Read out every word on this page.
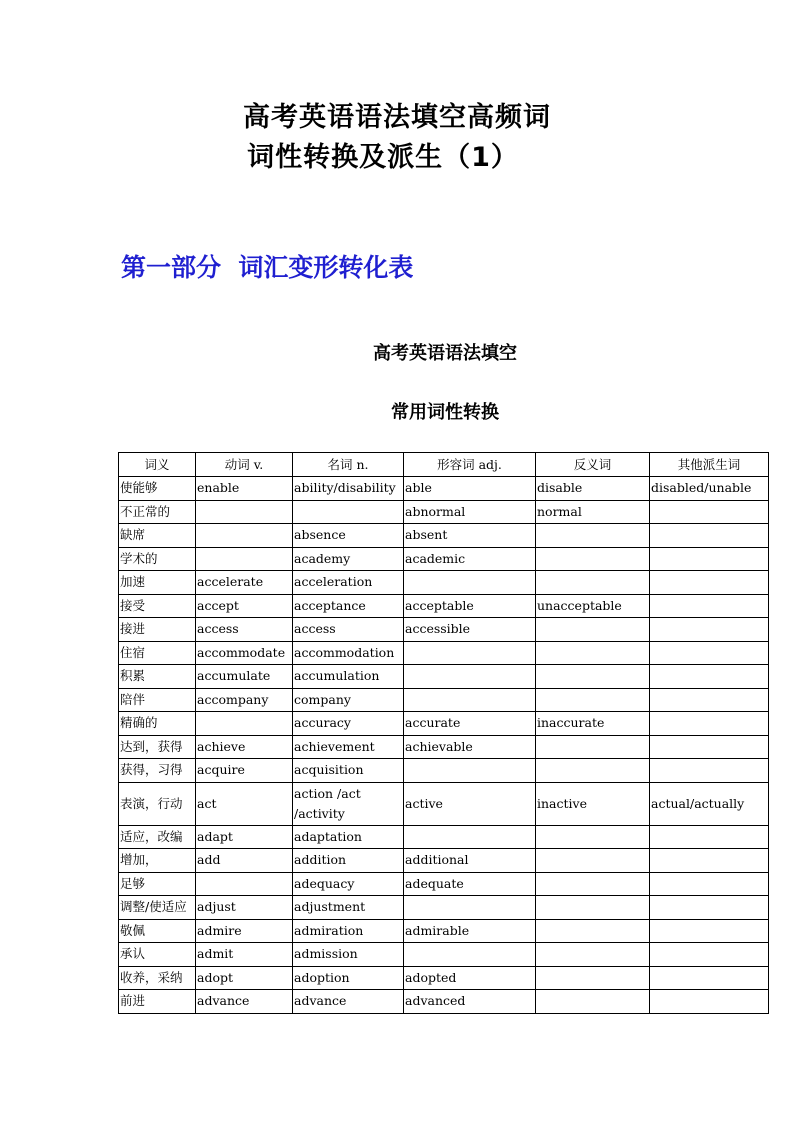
高考英语语法填空高频词
词性转换及派生（1）
第一部分  词汇变形转化表
高考英语语法填空
常用词性转换
词义	动词 v.	名词 n.	形容词 adj.	反义词	其他派生词
使能够	enable	ability/disability	able	disable	disabled/unable
不正常的			abnormal	normal	
缺席		absence	absent		
学术的		academy	academic		
加速	accelerate	acceleration			
接受	accept	acceptance	acceptable	unacceptable	
接进	access	access	accessible		
住宿	accommodate	accommodation			
积累	accumulate	accumulation			
陪伴	accompany	company			
精确的		accuracy	accurate	inaccurate	
达到，获得	achieve	achievement	achievable		
获得，习得	acquire	acquisition			
表演，行动	act	action /act /activity	active	inactive	actual/actually
适应，改编	adapt	adaptation			
增加，	add	addition	additional		
足够		adequacy	adequate		
调整/使适应	adjust	adjustment			
敬佩	admire	admiration	admirable		
承认	admit	admission			
收养，采纳	adopt	adoption	adopted		
前进	advance	advance	advanced		
